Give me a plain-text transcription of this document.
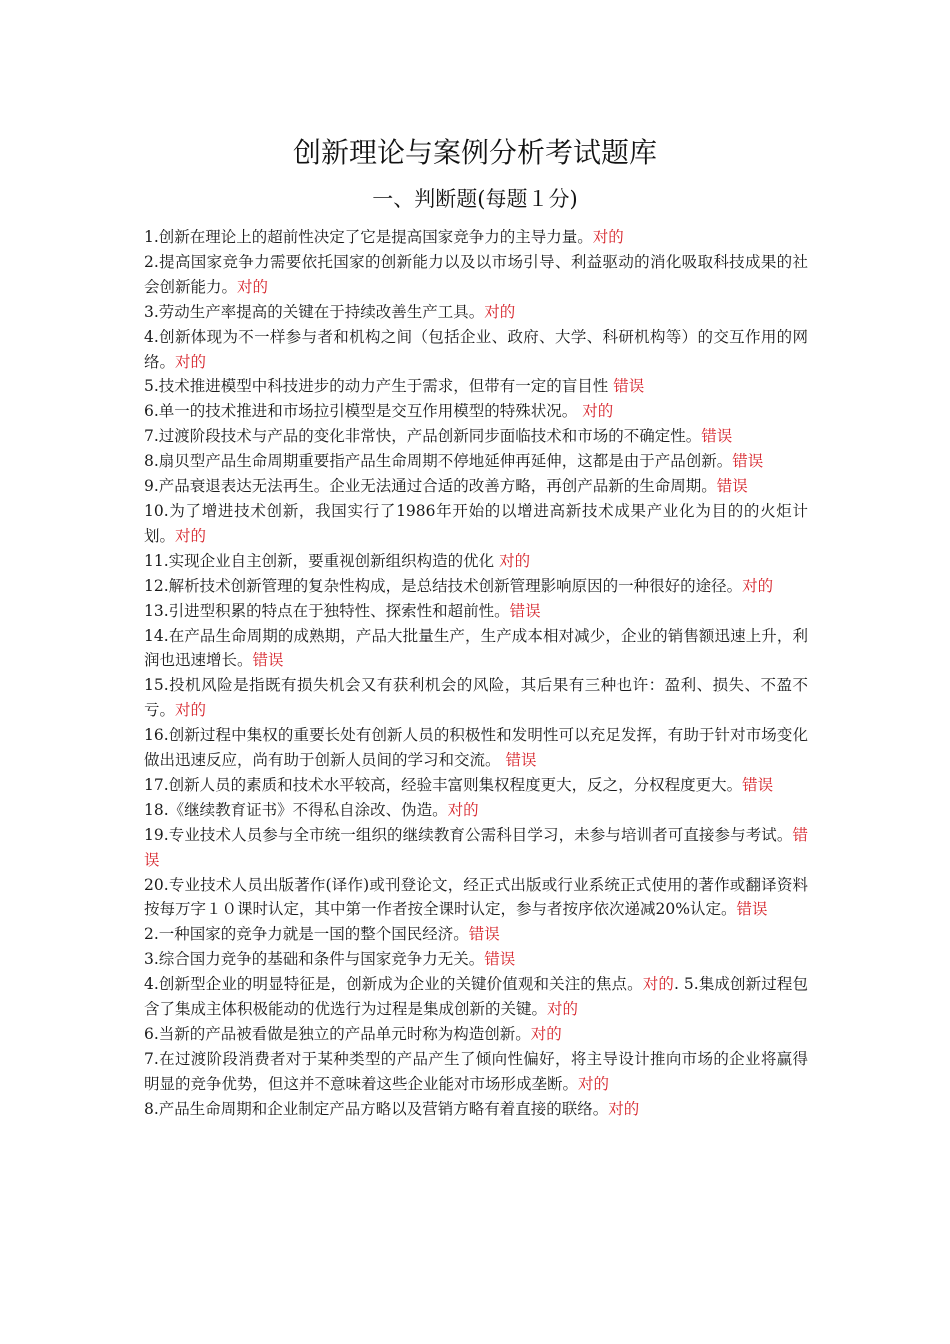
创新理论与案例分析考试题库
一、判断题(每题１分)

1.创新在理论上的超前性决定了它是提高国家竞争力的主导力量。对的

2.提高国家竞争力需要依托国家的创新能力以及以市场引导、利益驱动的消化吸取科技成果的社会创新能力。对的

3.劳动生产率提高的关键在于持续改善生产工具。对的

4.创新体现为不一样参与者和机构之间（包括企业、政府、大学、科研机构等）的交互作用的网络。对的

5.技术推进模型中科技进步的动力产生于需求，但带有一定的盲目性 错误

6.单一的技术推进和市场拉引模型是交互作用模型的特殊状况。 对的

7.过渡阶段技术与产品的变化非常快，产品创新同步面临技术和市场的不确定性。错误

8.扇贝型产品生命周期重要指产品生命周期不停地延伸再延伸，这都是由于产品创新。错误

9.产品衰退表达无法再生。企业无法通过合适的改善方略，再创产品新的生命周期。错误

10.为了增进技术创新，我国实行了1986年开始的以增进高新技术成果产业化为目的的火炬计划。对的

11.实现企业自主创新，要重视创新组织构造的优化 对的

12.解析技术创新管理的复杂性构成，是总结技术创新管理影响原因的一种很好的途径。对的

13.引进型积累的特点在于独特性、探索性和超前性。错误

14.在产品生命周期的成熟期，产品大批量生产，生产成本相对减少，企业的销售额迅速上升，利润也迅速增长。错误

15.投机风险是指既有损失机会又有获利机会的风险，其后果有三种也许：盈利、损失、不盈不亏。对的

16.创新过程中集权的重要长处有创新人员的积极性和发明性可以充足发挥，有助于针对市场变化做出迅速反应，尚有助于创新人员间的学习和交流。 错误

17.创新人员的素质和技术水平较高，经验丰富则集权程度更大，反之，分权程度更大。错误

18.《继续教育证书》不得私自涂改、伪造。对的

19.专业技术人员参与全市统一组织的继续教育公需科目学习，未参与培训者可直接参与考试。错误

20.专业技术人员出版著作(译作)或刊登论文，经正式出版或行业系统正式使用的著作或翻译资料按每万字１０课时认定，其中第一作者按全课时认定，参与者按序依次递减20%认定。错误

2.一种国家的竞争力就是一国的整个国民经济。错误

3.综合国力竞争的基础和条件与国家竞争力无关。错误

4.创新型企业的明显特征是，创新成为企业的关键价值观和关注的焦点。对的. 5.集成创新过程包含了集成主体积极能动的优选行为过程是集成创新的关键。对的

6.当新的产品被看做是独立的产品单元时称为构造创新。对的

7.在过渡阶段消费者对于某种类型的产品产生了倾向性偏好，将主导设计推向市场的企业将赢得明显的竞争优势，但这并不意味着这些企业能对市场形成垄断。对的

8.产品生命周期和企业制定产品方略以及营销方略有着直接的联络。对的
